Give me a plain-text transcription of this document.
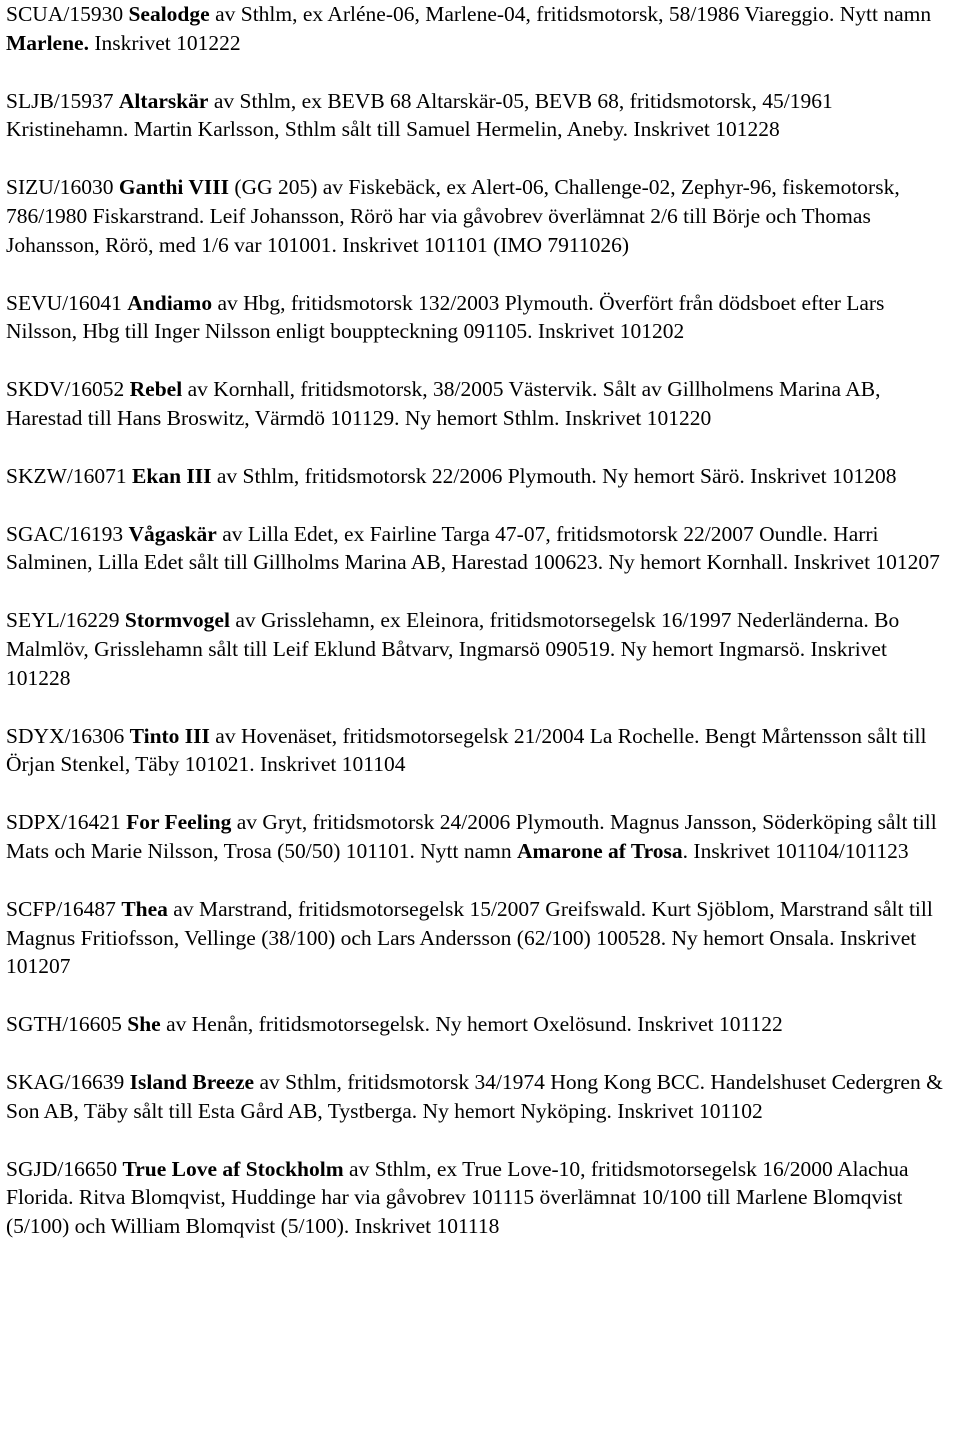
SCUA/15930 Sealodge av Sthlm, ex Arléne-06, Marlene-04, fritidsmotorsk, 58/1986 Viareggio. Nytt namn Marlene. Inskrivet 101222

SLJB/15937 Altarskär av Sthlm, ex BEVB 68 Altarskär-05, BEVB 68, fritidsmotorsk, 45/1961 Kristinehamn. Martin Karlsson, Sthlm sålt till Samuel Hermelin, Aneby. Inskrivet 101228

SIZU/16030 Ganthi VIII (GG 205) av Fiskebäck, ex Alert-06, Challenge-02, Zephyr-96, fiskemotorsk, 786/1980 Fiskarstrand. Leif Johansson, Rörö har via gåvobrev överlämnat 2/6 till Börje och Thomas Johansson, Rörö, med 1/6 var 101001. Inskrivet 101101 (IMO 7911026)

SEVU/16041 Andiamo av Hbg, fritidsmotorsk 132/2003 Plymouth. Överfört från dödsboet efter Lars Nilsson, Hbg till Inger Nilsson enligt bouppteckning 091105. Inskrivet 101202

SKDV/16052 Rebel av Kornhall, fritidsmotorsk, 38/2005 Västervik. Sålt av Gillholmens Marina AB, Harestad till Hans Broswitz, Värmdö 101129. Ny hemort Sthlm. Inskrivet 101220

SKZW/16071 Ekan III av Sthlm, fritidsmotorsk 22/2006 Plymouth. Ny hemort Särö. Inskrivet 101208

SGAC/16193 Vågaskär av Lilla Edet, ex Fairline Targa 47-07, fritidsmotorsk 22/2007 Oundle. Harri Salminen, Lilla Edet sålt till Gillholms Marina AB, Harestad 100623. Ny hemort Kornhall. Inskrivet 101207

SEYL/16229 Stormvogel av Grisslehamn, ex Eleinora, fritidsmotorsegelsk 16/1997 Nederländerna. Bo Malmlöv, Grisslehamn sålt till Leif Eklund Båtvarv, Ingmarsö 090519. Ny hemort Ingmarsö. Inskrivet 101228

SDYX/16306 Tinto III av Hovenäset, fritidsmotorsegelsk 21/2004 La Rochelle. Bengt Mårtensson sålt till Örjan Stenkel, Täby 101021. Inskrivet 101104

SDPX/16421 For Feeling av Gryt, fritidsmotorsk 24/2006 Plymouth. Magnus Jansson, Söderköping sålt till Mats och Marie Nilsson, Trosa (50/50) 101101. Nytt namn Amarone af Trosa. Inskrivet 101104/101123

SCFP/16487 Thea av Marstrand, fritidsmotorsegelsk 15/2007 Greifswald. Kurt Sjöblom, Marstrand sålt till Magnus Fritiofsson, Vellinge (38/100) och Lars Andersson (62/100) 100528. Ny hemort Onsala. Inskrivet 101207

SGTH/16605 She av Henån, fritidsmotorsegelsk. Ny hemort Oxelösund. Inskrivet 101122

SKAG/16639 Island Breeze av Sthlm, fritidsmotorsk 34/1974 Hong Kong BCC. Handelshuset Cedergren & Son AB, Täby sålt till Esta Gård AB, Tystberga. Ny hemort Nyköping. Inskrivet 101102

SGJD/16650 True Love af Stockholm av Sthlm, ex True Love-10, fritidsmotorsegelsk 16/2000 Alachua Florida. Ritva Blomqvist, Huddinge har via gåvobrev 101115 överlämnat 10/100 till Marlene Blomqvist (5/100) och William Blomqvist (5/100). Inskrivet 101118
